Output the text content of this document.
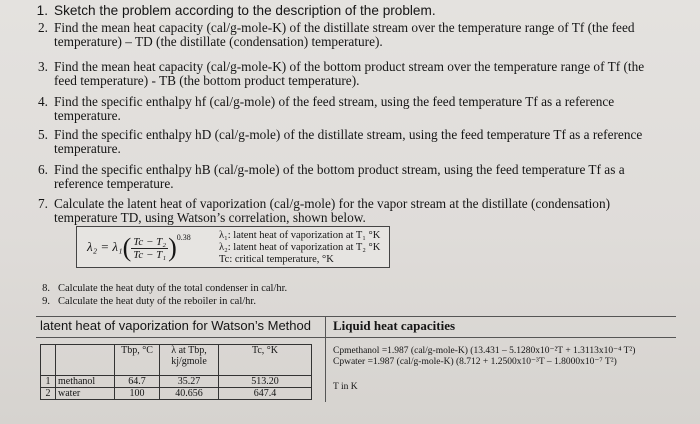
1. Sketch the problem according to the description of the problem.
2. Find the mean heat capacity (cal/g-mole-K) of the distillate stream over the temperature range of Tf (the feed temperature) – TD (the distillate (condensation) temperature).
3. Find the mean heat capacity (cal/g-mole-K) of the bottom product stream over the temperature range of Tf (the feed temperature) - TB (the bottom product temperature).
4. Find the specific enthalpy hf (cal/g-mole) of the feed stream, using the feed temperature Tf as a reference temperature.
5. Find the specific enthalpy hD (cal/g-mole) of the distillate stream, using the feed temperature Tf as a reference temperature.
6. Find the specific enthalpy hB (cal/g-mole) of the bottom product stream, using the feed temperature Tf as a reference temperature.
7. Calculate the latent heat of vaporization (cal/g-mole) for the vapor stream at the distillate (condensation) temperature TD, using Watson’s correlation, shown below.
$\lambda_2 = \lambda_1( \frac{\text{Tc − T₂}}{\text{Tc − T₁}} )^{0.38}$	λ₁: latent heat of vaporization at T₁ °K
λ₂: latent heat of vaporization at T₂ °K
Tc: critical temperature, °K
8. Calculate the heat duty of the total condenser in cal/hr.
9. Calculate the heat duty of the reboiler in cal/hr.
latent heat of vaporization for Watson’s Method Liquid heat capacities
		Tbp, °C	λ at Tbp, kj/gmole	Tc, °K
1	methanol	64.7	35.27	513.20
2	water	100	40.656	647.4
Cpmethanol =1.987 (cal/g-mole-K) (13.431 – 5.1280x10⁻²T + 1.3113x10⁻⁴ T²)
Cpwater =1.987 (cal/g-mole-K) (8.712 + 1.2500x10⁻³T – 1.8000x10⁻⁷ T²)
T in K
